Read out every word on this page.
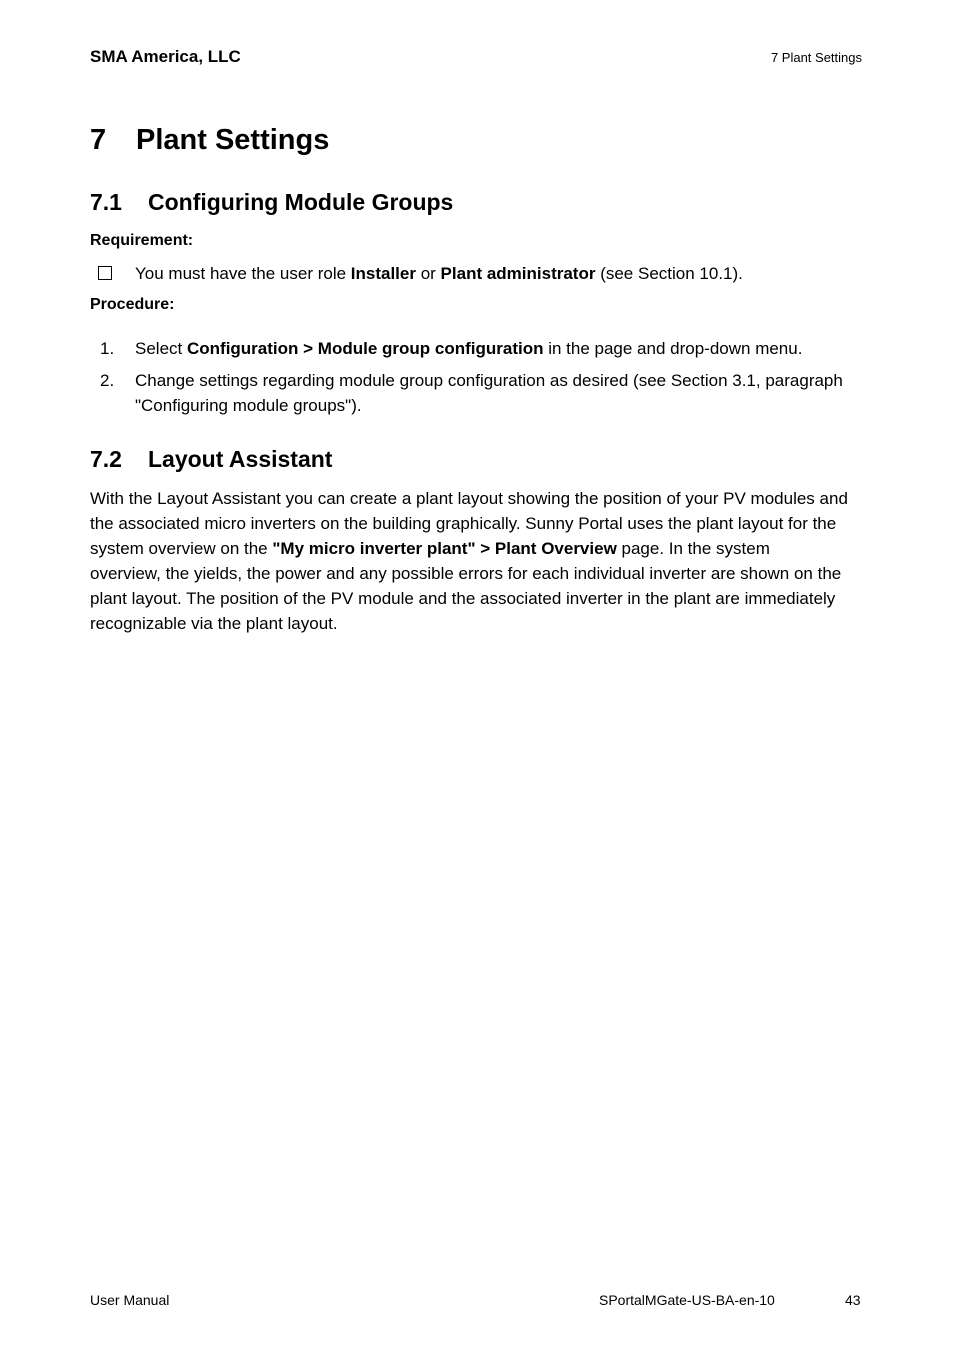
SMA America, LLC	7 Plant Settings
7 Plant Settings
7.1 Configuring Module Groups
Requirement:
You must have the user role Installer or Plant administrator (see Section 10.1).
Procedure:
1. Select Configuration > Module group configuration in the page and drop-down menu.
2. Change settings regarding module group configuration as desired (see Section 3.1, paragraph
"Configuring module groups").
7.2 Layout Assistant

With the Layout Assistant you can create a plant layout showing the position of your PV modules and

the associated micro inverters on the building graphically. Sunny Portal uses the plant layout for the

system overview on the "My micro inverter plant" > Plant Overview page. In the system

overview, the yields, the power and any possible errors for each individual inverter are shown on the

plant layout. The position of the PV module and the associated inverter in the plant are immediately

recognizable via the plant layout.

User Manual	SPortalMGate-US-BA-en-10	43
